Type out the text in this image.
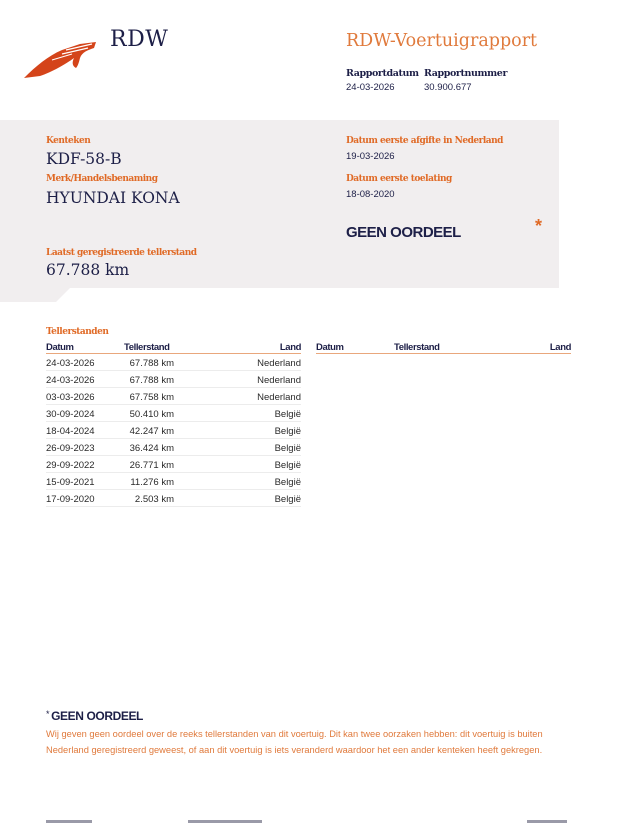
RDW	RDW-Voertuigrapport
Rapportdatum
24-03-2026
Rapportnummer
30.900.677
Kenteken
KDF-58-B
Merk/Handelsbenaming
HYUNDAI KONA
Laatst geregistreerde tellerstand
67.788 km
Datum eerste afgifte in Nederland
19-03-2026
Datum eerste toelating
18-08-2020
GEEN OORDEEL	*
Tellerstanden
Datum	Tellerstand	Land
24-03-2026	67.788 km	Nederland
24-03-2026	67.788 km	Nederland
03-03-2026	67.758 km	Nederland
30-09-2024	50.410 km	België
18-04-2024	42.247 km	België
26-09-2023	36.424 km	België
29-09-2022	26.771 km	België
15-09-2021	11.276 km	België
17-09-2020	2.503 km	België
Datum	Tellerstand	Land
* GEEN OORDEEL
Wij geven geen oordeel over de reeks tellerstanden van dit voertuig. Dit kan twee oorzaken hebben: dit voertuig is buiten Nederland geregistreerd geweest, of aan dit voertuig is iets veranderd waardoor het een ander kenteken heeft gekregen.
